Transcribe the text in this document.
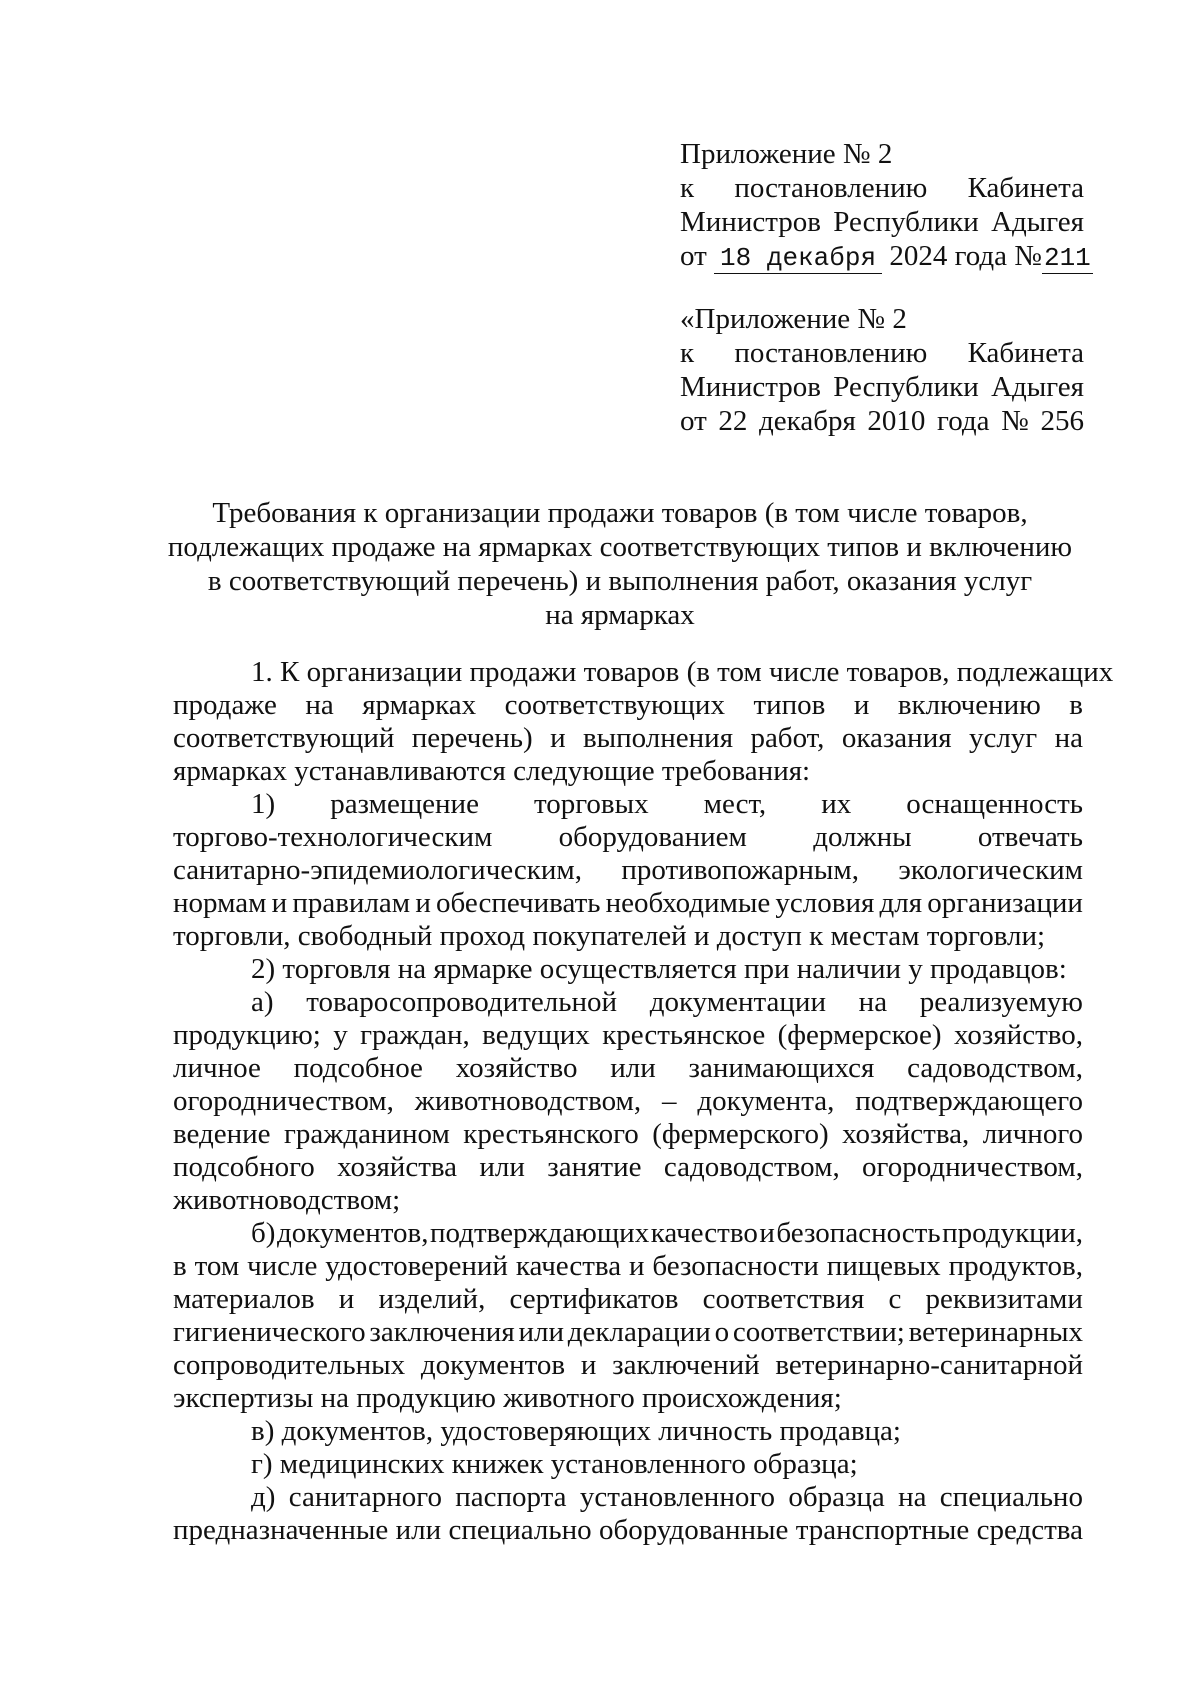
Приложение № 2
к постановлению Кабинета
Министров Республики Адыгея
от 18 декабря 2024 года №211
«Приложение № 2
к постановлению Кабинета
Министров Республики Адыгея
от 22 декабря 2010 года № 256
Требования к организации продажи товаров (в том числе товаров,
подлежащих продаже на ярмарках соответствующих типов и включению
в соответствующий перечень) и выполнения работ, оказания услуг
на ярмарках
1. К организации продажи товаров (в том числе товаров, подлежащих
продаже на ярмарках соответствующих типов и включению в
соответствующий перечень) и выполнения работ, оказания услуг на
ярмарках устанавливаются следующие требования:
1) размещение торговых мест, их оснащенность
торгово-технологическим оборудованием должны отвечать
санитарно-эпидемиологическим, противопожарным, экологическим
нормам и правилам и обеспечивать необходимые условия для организации
торговли, свободный проход покупателей и доступ к местам торговли;
2) торговля на ярмарке осуществляется при наличии у продавцов:
а) товаросопроводительной документации на реализуемую
продукцию; у граждан, ведущих крестьянское (фермерское) хозяйство,
личное подсобное хозяйство или занимающихся садоводством,
огородничеством, животноводством, – документа, подтверждающего
ведение гражданином крестьянского (фермерского) хозяйства, личного
подсобного хозяйства или занятие садоводством, огородничеством,
животноводством;
б) документов, подтверждающих качество и безопасность продукции,
в том числе удостоверений качества и безопасности пищевых продуктов,
материалов и изделий, сертификатов соответствия с реквизитами
гигиенического заключения или декларации о соответствии; ветеринарных
сопроводительных документов и заключений ветеринарно-санитарной
экспертизы на продукцию животного происхождения;
в) документов, удостоверяющих личность продавца;
г) медицинских книжек установленного образца;
д) санитарного паспорта установленного образца на специально
предназначенные или специально оборудованные транспортные средства
